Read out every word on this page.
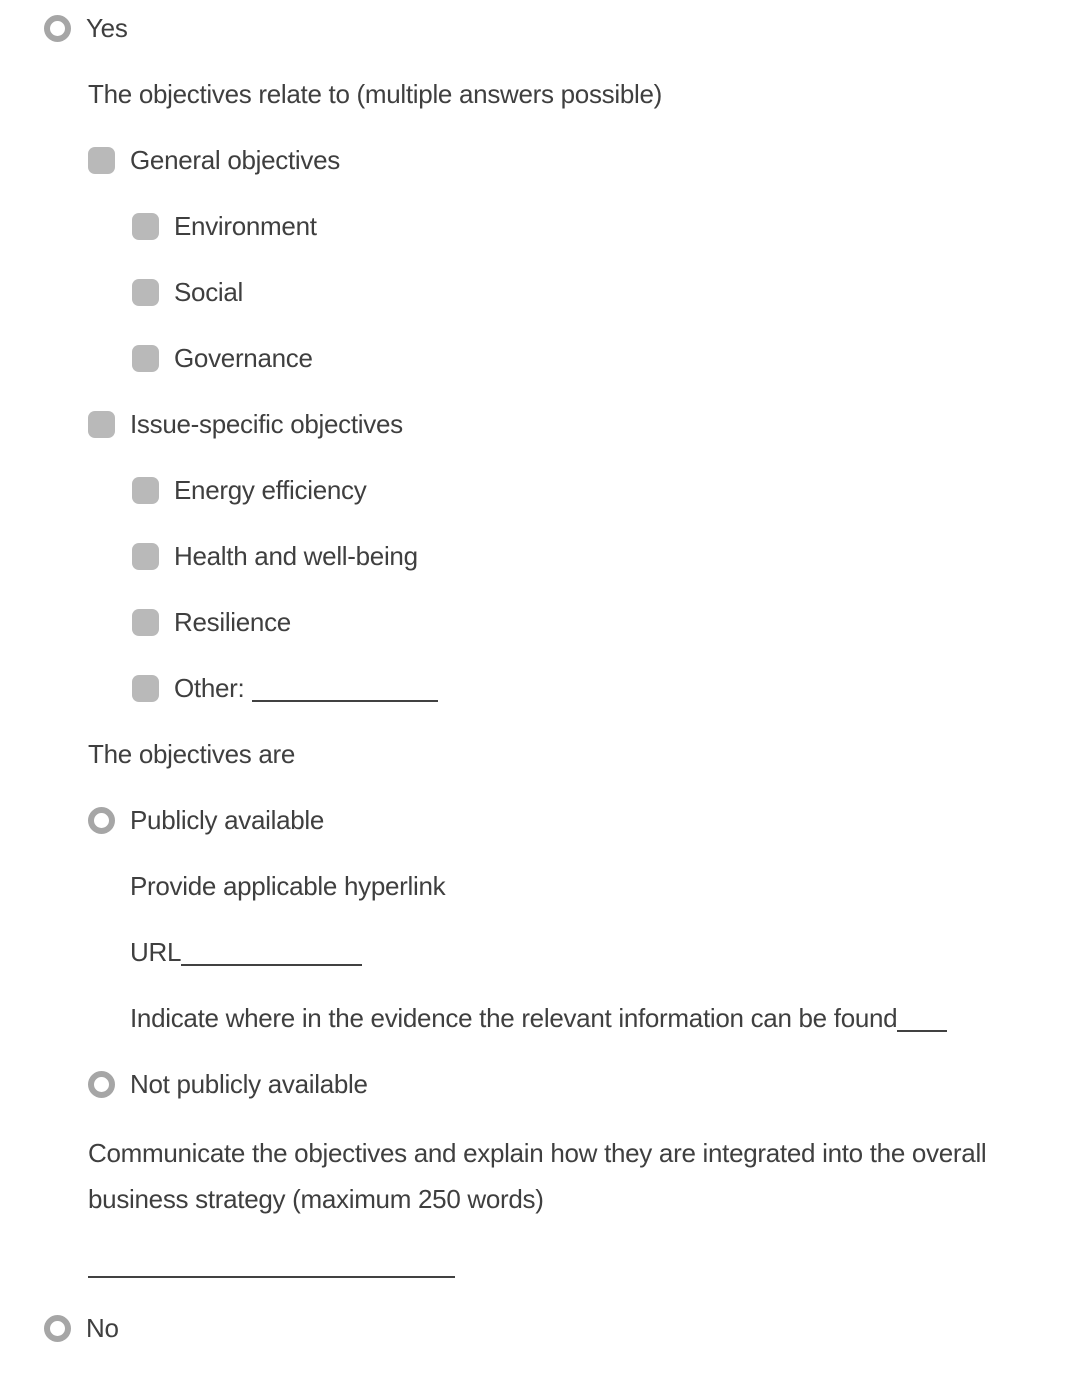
Yes
The objectives relate to (multiple answers possible)
General objectives
Environment
Social
Governance
Issue-specific objectives
Energy efficiency
Health and well-being
Resilience
Other:
The objectives are
Publicly available
Provide applicable hyperlink
URL
Indicate where in the evidence the relevant information can be found
Not publicly available

Communicate the objectives and explain how they are integrated into the overall business strategy (maximum 250 words)

No
